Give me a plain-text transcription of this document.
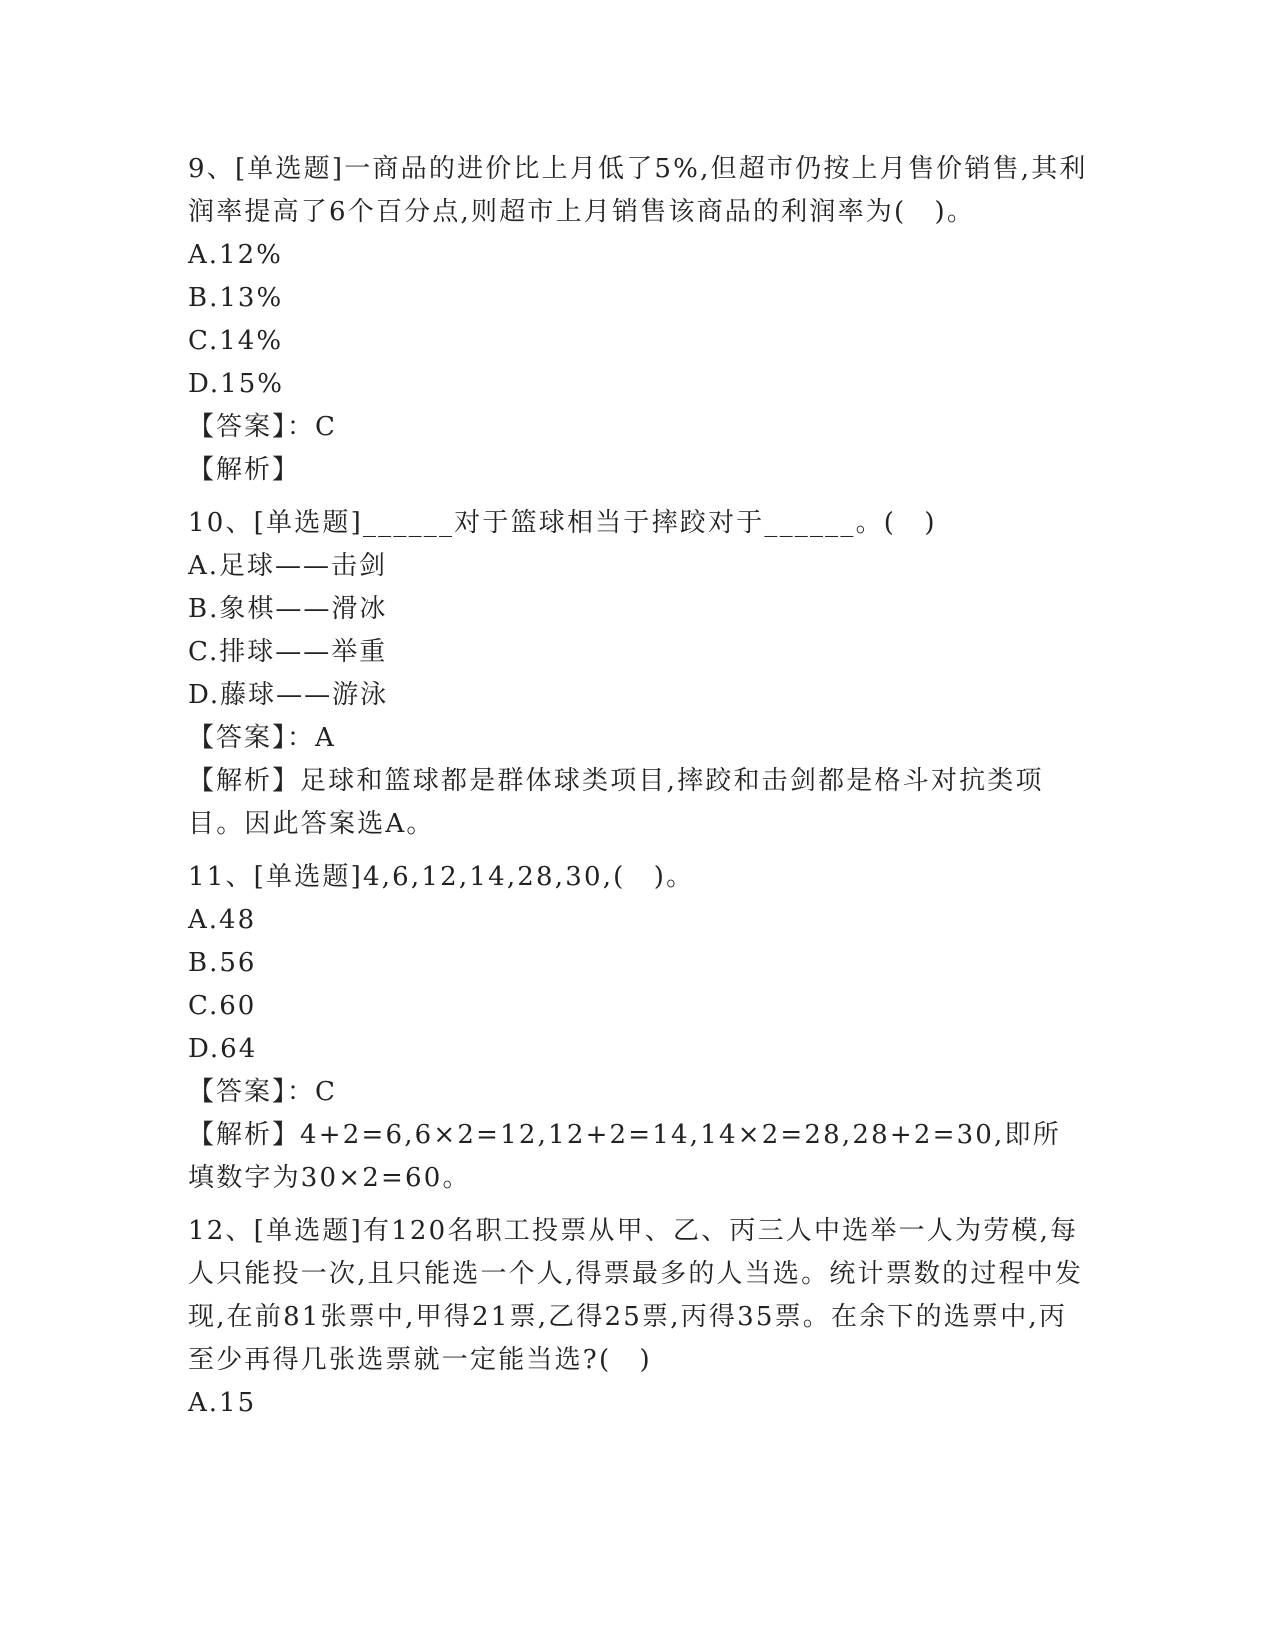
9、[单选题]一商品的进价比上月低了5%,但超市仍按上月售价销售,其利润率提高了6个百分点,则超市上月销售该商品的利润率为(　)。
A.12%
B.13%
C.14%
D.15%
【答案】：C
【解析】
10、[单选题]______对于篮球相当于摔跤对于______。(　)
A.足球——击剑
B.象棋——滑冰
C.排球——举重
D.藤球——游泳
【答案】：A
【解析】足球和篮球都是群体球类项目,摔跤和击剑都是格斗对抗类项目。因此答案选A。
11、[单选题]4,6,12,14,28,30,(　)。
A.48
B.56
C.60
D.64
【答案】：C
【解析】4+2=6,6×2=12,12+2=14,14×2=28,28+2=30,即所填数字为30×2=60。
12、[单选题]有120名职工投票从甲、乙、丙三人中选举一人为劳模,每人只能投一次,且只能选一个人,得票最多的人当选。统计票数的过程中发现,在前81张票中,甲得21票,乙得25票,丙得35票。在余下的选票中,丙至少再得几张选票就一定能当选?(　)
A.15
